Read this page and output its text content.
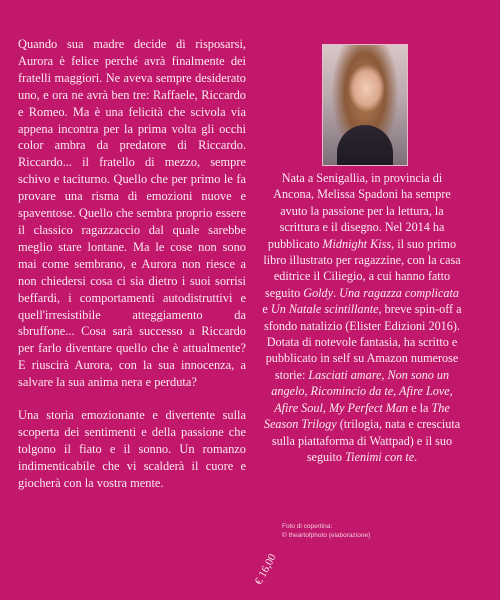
Quando sua madre decide di risposarsi, Aurora è felice perché avrà finalmente dei fratelli maggiori. Ne aveva sempre desiderato uno, e ora ne avrà ben tre: Raffaele, Riccardo e Romeo. Ma è una felicità che scivola via appena incontra per la prima volta gli occhi color ambra da predatore di Riccardo. Riccardo... il fratello di mezzo, sempre schivo e taciturno. Quello che per primo le fa provare una risma di emozioni nuove e spaventose. Quello che sembra proprio essere il classico ragazzaccio dal quale sarebbe meglio stare lontane. Ma le cose non sono mai come sembrano, e Aurora non riesce a non chiedersi cosa ci sia dietro i suoi sorrisi beffardi, i comportamenti autodistruttivi e quell'irresistibile atteggiamento da sbruffone... Cosa sarà successo a Riccardo per farlo diventare quello che è attualmente? E riuscirà Aurora, con la sua innocenza, a salvare la sua anima nera e perduta?

Una storia emozionante e divertente sulla scoperta dei sentimenti e della passione che tolgono il fiato e il sonno. Un romanzo indimenticabile che vi scalderà il cuore e giocherà con la vostra mente.

Nata a Senigallia, in provincia di Ancona, Melissa Spadoni ha sempre avuto la passione per la lettura, la scrittura e il disegno. Nel 2014 ha pubblicato Midnight Kiss, il suo primo libro illustrato per ragazzine, con la casa editrice il Ciliegio, a cui hanno fatto seguito Goldy. Una ragazza complicata e Un Natale scintillante, breve spin-off a sfondo natalizio (Elister Edizioni 2016). Dotata di notevole fantasia, ha scritto e pubblicato in self su Amazon numerose storie: Lasciati amare, Non sono un angelo, Ricomincio da te, Afire Love, Afire Soul, My Perfect Man e la The Season Trilogy (trilogia, nata e cresciuta sulla piattaforma di Wattpad) e il suo seguito Tienimi con te.

Foto di copertina:
© theartofphoto (elaborazione)
€ 16,00
